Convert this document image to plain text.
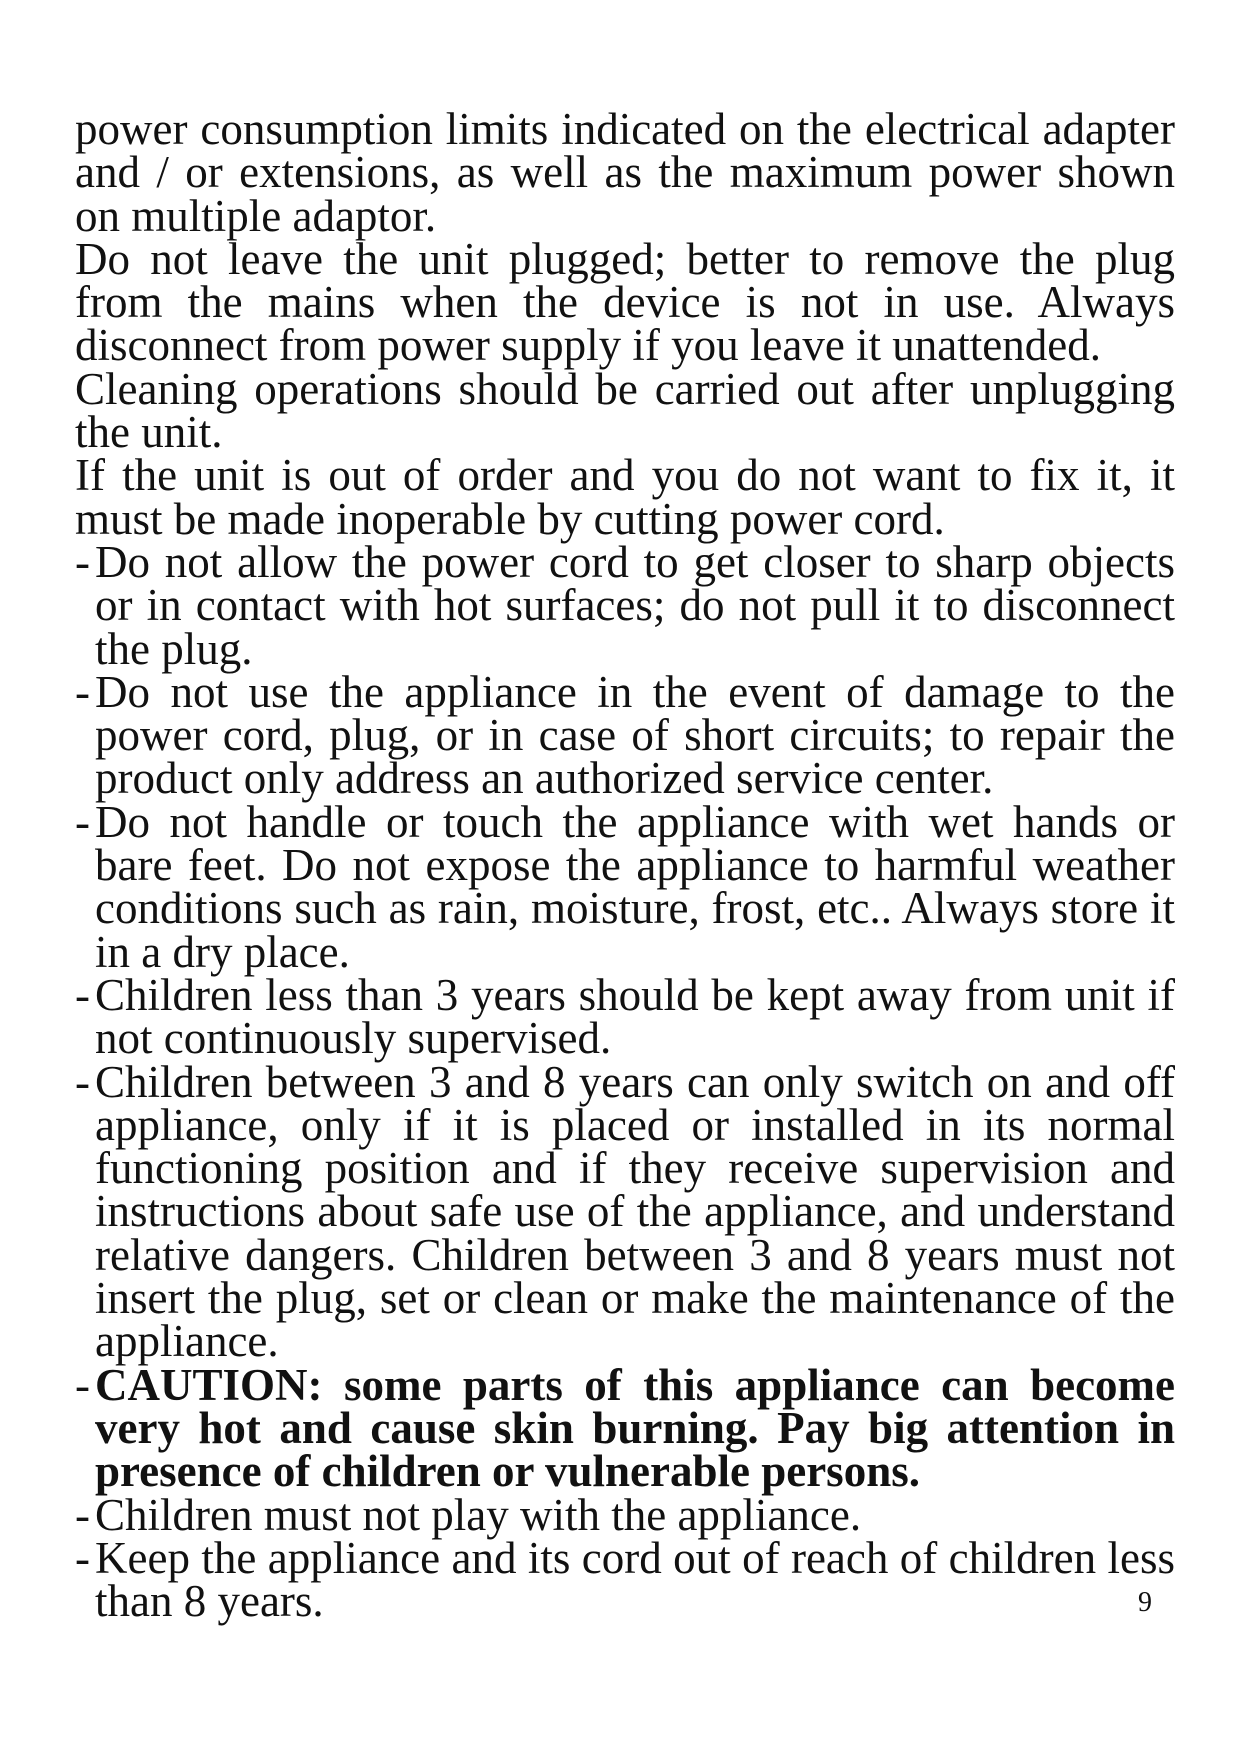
power consumption limits indicated on the electrical adapter and / or extensions, as well as the maximum power shown on multiple adaptor.

Do not leave the unit plugged; better to remove the plug from the mains when the device is not in use. Always disconnect from power supply if you leave it unattended.

Cleaning operations should be carried out after unplugging the unit.

If the unit is out of order and you do not want to fix it, it must be made inoperable by cutting power cord.

- Do not allow the power cord to get closer to sharp objects or in contact with hot surfaces; do not pull it to disconnect the plug.
- Do not use the appliance in the event of damage to the power cord, plug, or in case of short circuits; to repair the product only address an authorized service center.
- Do not handle or touch the appliance with wet hands or bare feet. Do not expose the appliance to harmful weather conditions such as rain, moisture, frost, etc.. Always store it in a dry place.
- Children less than 3 years should be kept away from unit if not continuously supervised.
- Children between 3 and 8 years can only switch on and off appliance, only if it is placed or installed in its normal functioning position and if they receive supervision and instructions about safe use of the appliance, and understand relative dangers. Children between 3 and 8 years must not insert the plug, set or clean or make the maintenance of the appliance.
- CAUTION: some parts of this appliance can become very hot and cause skin burning. Pay big attention in presence of children or vulnerable persons.
- Children must not play with the appliance.
- Keep the appliance and its cord out of reach of children less than 8 years.	9
